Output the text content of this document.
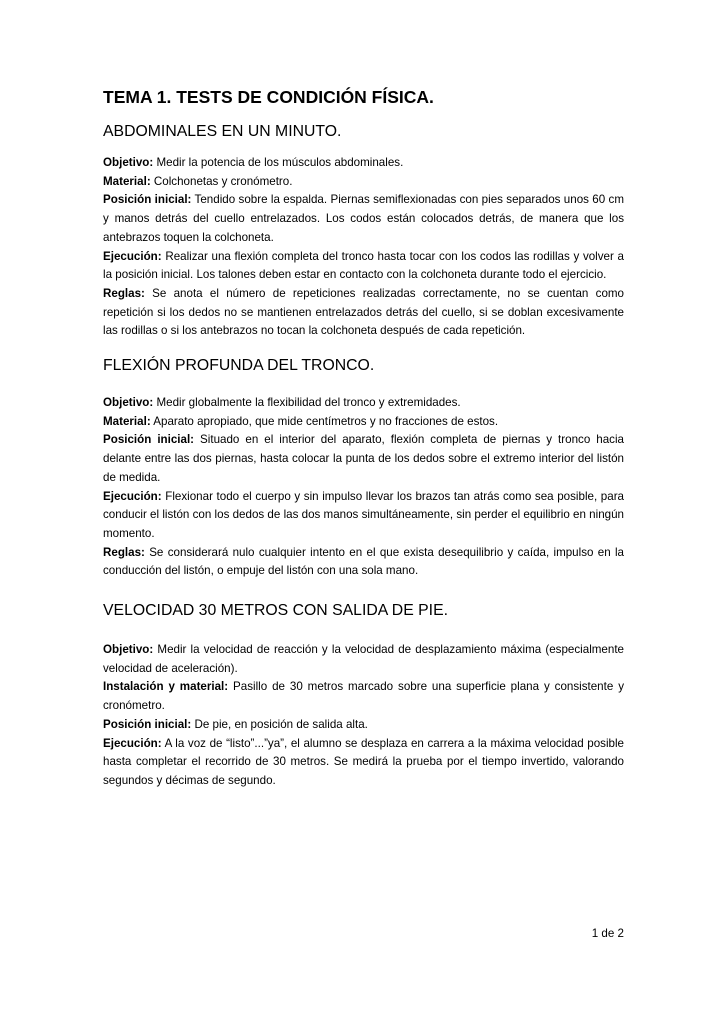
TEMA 1. TESTS DE CONDICIÓN FÍSICA.
ABDOMINALES EN UN MINUTO.

Objetivo: Medir la potencia de los músculos abdominales.

Material: Colchonetas y cronómetro.

Posición inicial: Tendido sobre la espalda. Piernas semiflexionadas con pies separados unos 60 cm y manos detrás del cuello entrelazados. Los codos están colocados detrás, de manera que los antebrazos toquen la colchoneta.

Ejecución: Realizar una flexión completa del tronco hasta tocar con los codos las rodillas y volver a la posición inicial. Los talones deben estar en contacto con la colchoneta durante todo el ejercicio.

Reglas: Se anota el número de repeticiones realizadas correctamente, no se cuentan como repetición si los dedos no se mantienen entrelazados detrás del cuello, si se doblan excesivamente las rodillas o si los antebrazos no tocan la colchoneta después de cada repetición.

FLEXIÓN PROFUNDA DEL TRONCO.

Objetivo: Medir globalmente la flexibilidad del tronco y extremidades.

Material: Aparato apropiado, que mide centímetros y no fracciones de estos.

Posición inicial: Situado en el interior del aparato, flexión completa de piernas y tronco hacia delante entre las dos piernas, hasta colocar la punta de los dedos sobre el extremo interior del listón de medida.

Ejecución: Flexionar todo el cuerpo y sin impulso llevar los brazos tan atrás como sea posible, para conducir el listón con los dedos de las dos manos simultáneamente, sin perder el equilibrio en ningún momento.

Reglas: Se considerará nulo cualquier intento en el que exista desequilibrio y caída, impulso en la conducción del listón, o empuje del listón con una sola mano.

VELOCIDAD 30 METROS CON SALIDA DE PIE.

Objetivo: Medir la velocidad de reacción y la velocidad de desplazamiento máxima (especialmente velocidad de aceleración).

Instalación y material: Pasillo de 30 metros marcado sobre una superficie plana y consistente y cronómetro.

Posición inicial: De pie, en posición de salida alta.

Ejecución: A la voz de “listo”...”ya”, el alumno se desplaza en carrera a la máxima velocidad posible hasta completar el recorrido de 30 metros. Se medirá la prueba por el tiempo invertido, valorando segundos y décimas de segundo.

1 de 2
